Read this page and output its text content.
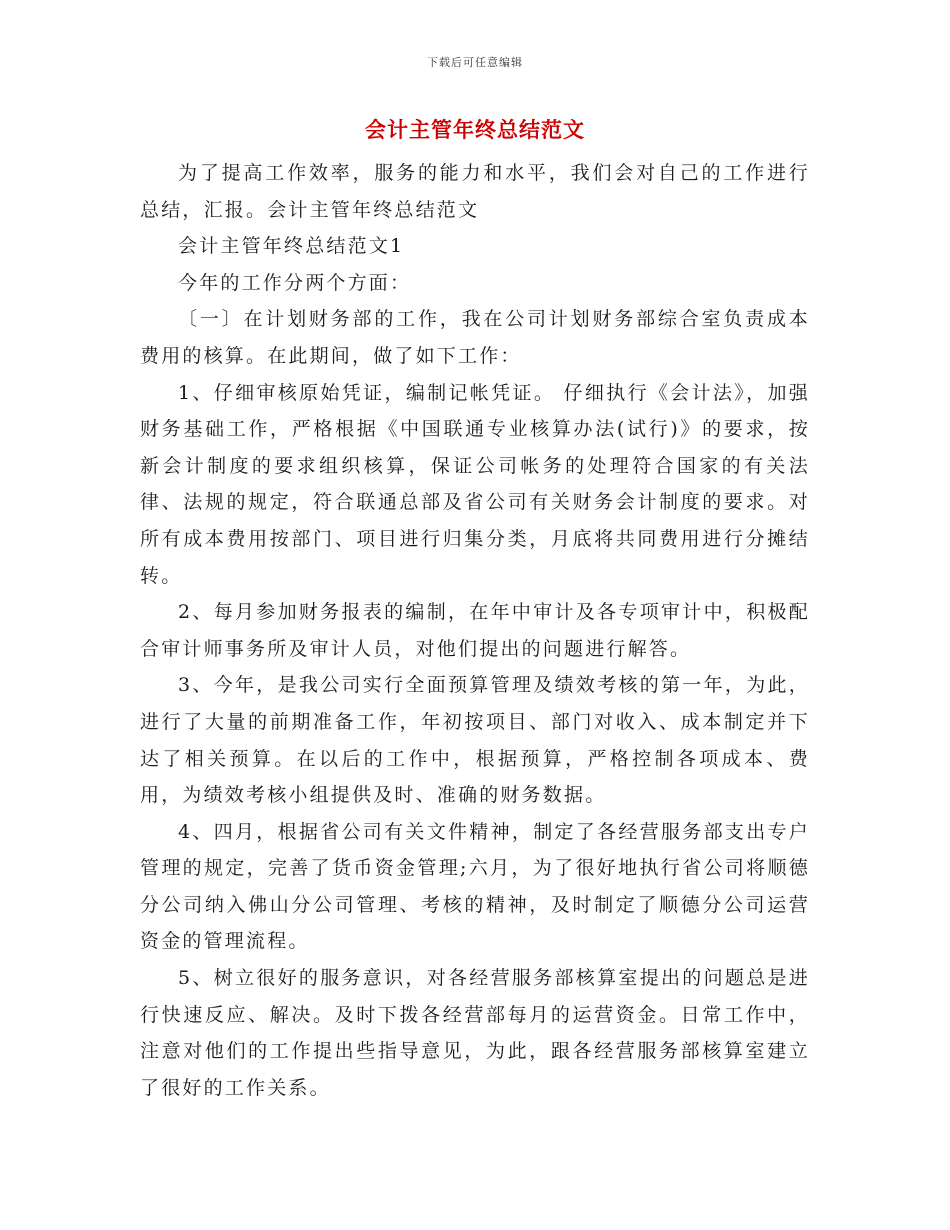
下载后可任意编辑
会计主管年终总结范文

为了提高工作效率，服务的能力和水平，我们会对自己的工作进行总结，汇报。会计主管年终总结范文

会计主管年终总结范文1

今年的工作分两个方面：

〔一〕在计划财务部的工作，我在公司计划财务部综合室负责成本费用的核算。在此期间，做了如下工作：

1、仔细审核原始凭证，编制记帐凭证。 仔细执行《会计法》，加强财务基础工作，严格根据《中国联通专业核算办法(试行)》的要求，按新会计制度的要求组织核算，保证公司帐务的处理符合国家的有关法律、法规的规定，符合联通总部及省公司有关财务会计制度的要求。对所有成本费用按部门、项目进行归集分类，月底将共同费用进行分摊结转。

2、每月参加财务报表的编制，在年中审计及各专项审计中，积极配合审计师事务所及审计人员，对他们提出的问题进行解答。

3、今年，是我公司实行全面预算管理及绩效考核的第一年，为此，进行了大量的前期准备工作，年初按项目、部门对收入、成本制定并下达了相关预算。在以后的工作中，根据预算，严格控制各项成本、费用，为绩效考核小组提供及时、准确的财务数据。

4、四月，根据省公司有关文件精神，制定了各经营服务部支出专户管理的规定，完善了货币资金管理;六月，为了很好地执行省公司将顺德分公司纳入佛山分公司管理、考核的精神，及时制定了顺德分公司运营资金的管理流程。

5、树立很好的服务意识，对各经营服务部核算室提出的问题总是进行快速反应、解决。及时下拨各经营部每月的运营资金。日常工作中，注意对他们的工作提出些指导意见，为此，跟各经营服务部核算室建立了很好的工作关系。
